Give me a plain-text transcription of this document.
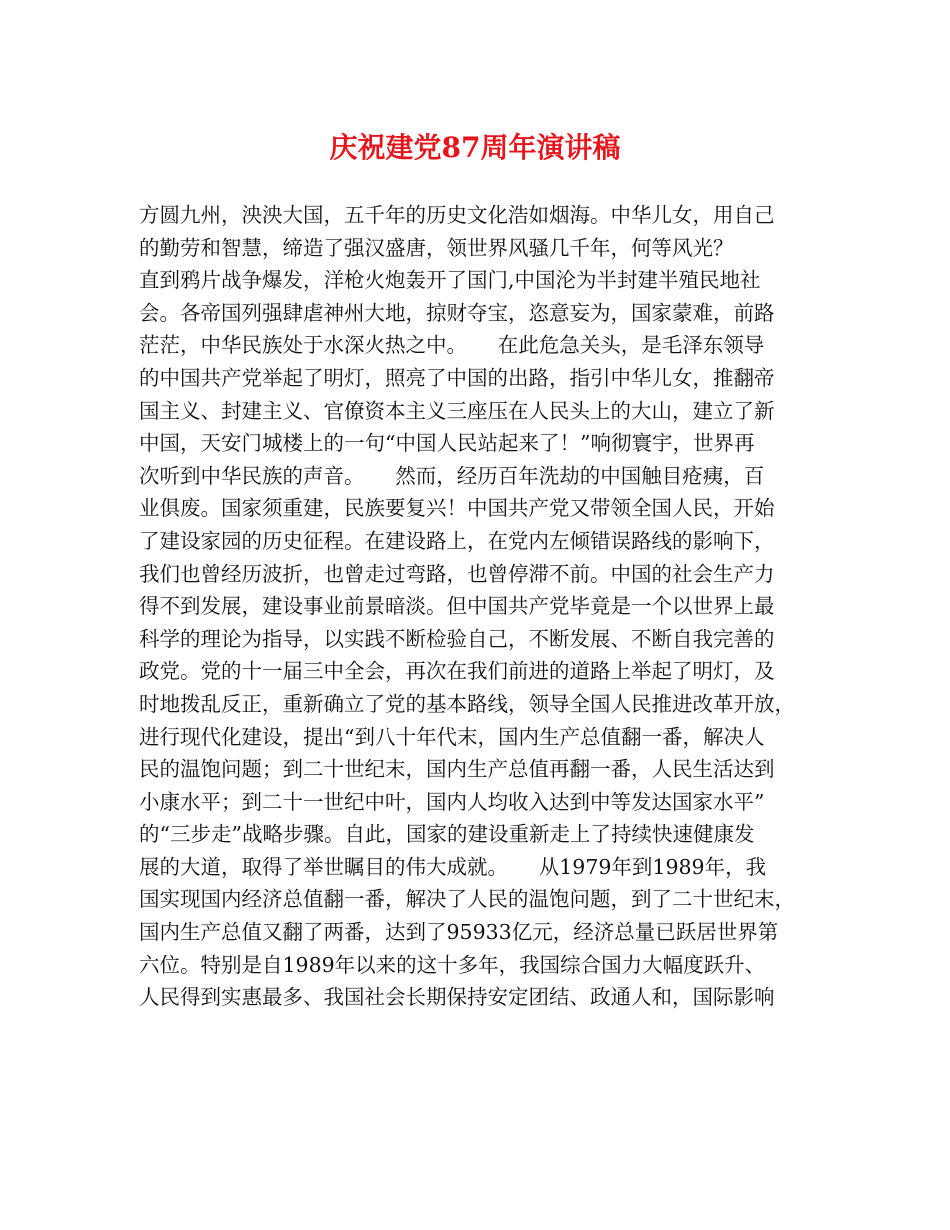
庆祝建党87周年演讲稿
方圆九州，泱泱大国，五千年的历史文化浩如烟海。中华儿女，用自己
的勤劳和智慧，缔造了强汉盛唐，领世界风骚几千年，何等风光？
直到鸦片战争爆发，洋枪火炮轰开了国门,中国沦为半封建半殖民地社
会。各帝国列强肆虐神州大地，掠财夺宝，恣意妄为，国家蒙难，前路
茫茫，中华民族处于水深火热之中。　　在此危急关头，是毛泽东领导
的中国共产党举起了明灯，照亮了中国的出路，指引中华儿女，推翻帝
国主义、封建主义、官僚资本主义三座压在人民头上的大山，建立了新
中国，天安门城楼上的一句“中国人民站起来了！”响彻寰宇，世界再
次听到中华民族的声音。　　然而，经历百年洗劫的中国触目疮痍，百
业俱废。国家须重建，民族要复兴！中国共产党又带领全国人民，开始
了建设家园的历史征程。在建设路上，在党内左倾错误路线的影响下，
我们也曾经历波折，也曾走过弯路，也曾停滞不前。中国的社会生产力
得不到发展，建设事业前景暗淡。但中国共产党毕竟是一个以世界上最
科学的理论为指导，以实践不断检验自己，不断发展、不断自我完善的
政党。党的十一届三中全会，再次在我们前进的道路上举起了明灯，及
时地拨乱反正，重新确立了党的基本路线，领导全国人民推进改革开放，
进行现代化建设，提出“到八十年代末，国内生产总值翻一番，解决人
民的温饱问题；到二十世纪末，国内生产总值再翻一番，人民生活达到
小康水平；到二十一世纪中叶，国内人均收入达到中等发达国家水平”
的“三步走”战略步骤。自此，国家的建设重新走上了持续快速健康发
展的大道，取得了举世瞩目的伟大成就。　　从1979年到1989年，我
国实现国内经济总值翻一番，解决了人民的温饱问题，到了二十世纪末，
国内生产总值又翻了两番，达到了95933亿元，经济总量已跃居世界第
六位。特别是自1989年以来的这十多年，我国综合国力大幅度跃升、
人民得到实惠最多、我国社会长期保持安定团结、政通人和，国际影响
